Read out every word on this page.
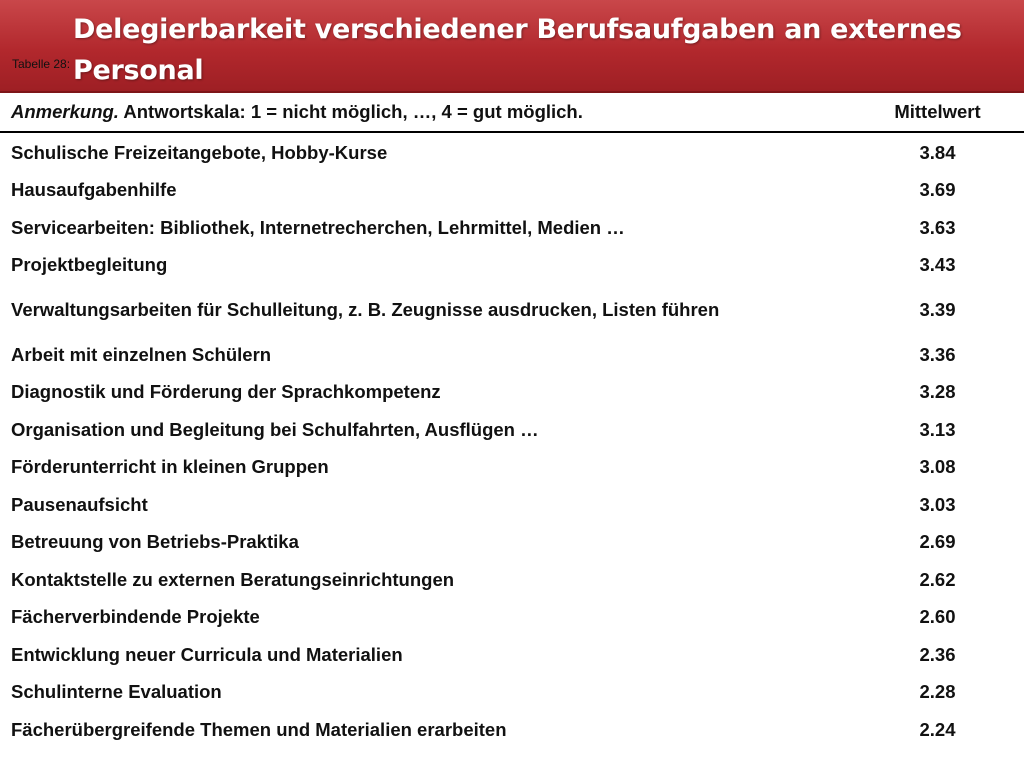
Delegierbarkeit verschiedener Berufsaufgaben an externes Personal
Tabelle 28:
Anmerkung. Antwortskala: 1 = nicht möglich, …, 4 = gut möglich.	Mittelwert
Schulische Freizeitangebote, Hobby-Kurse	3.84
Hausaufgabenhilfe	3.69
Servicearbeiten: Bibliothek, Internetrecherchen, Lehrmittel, Medien …	3.63
Projektbegleitung	3.43
Verwaltungsarbeiten für Schulleitung, z. B. Zeugnisse ausdrucken, Listen führen	3.39
Arbeit mit einzelnen Schülern	3.36
Diagnostik und Förderung der Sprachkompetenz	3.28
Organisation und Begleitung bei Schulfahrten, Ausflügen …	3.13
Förderunterricht in kleinen Gruppen	3.08
Pausenaufsicht	3.03
Betreuung von Betriebs-Praktika	2.69
Kontaktstelle zu externen Beratungseinrichtungen	2.62
Fächerverbindende Projekte	2.60
Entwicklung neuer Curricula und Materialien	2.36
Schulinterne Evaluation	2.28
Fächerübergreifende Themen und Materialien erarbeiten	2.24
